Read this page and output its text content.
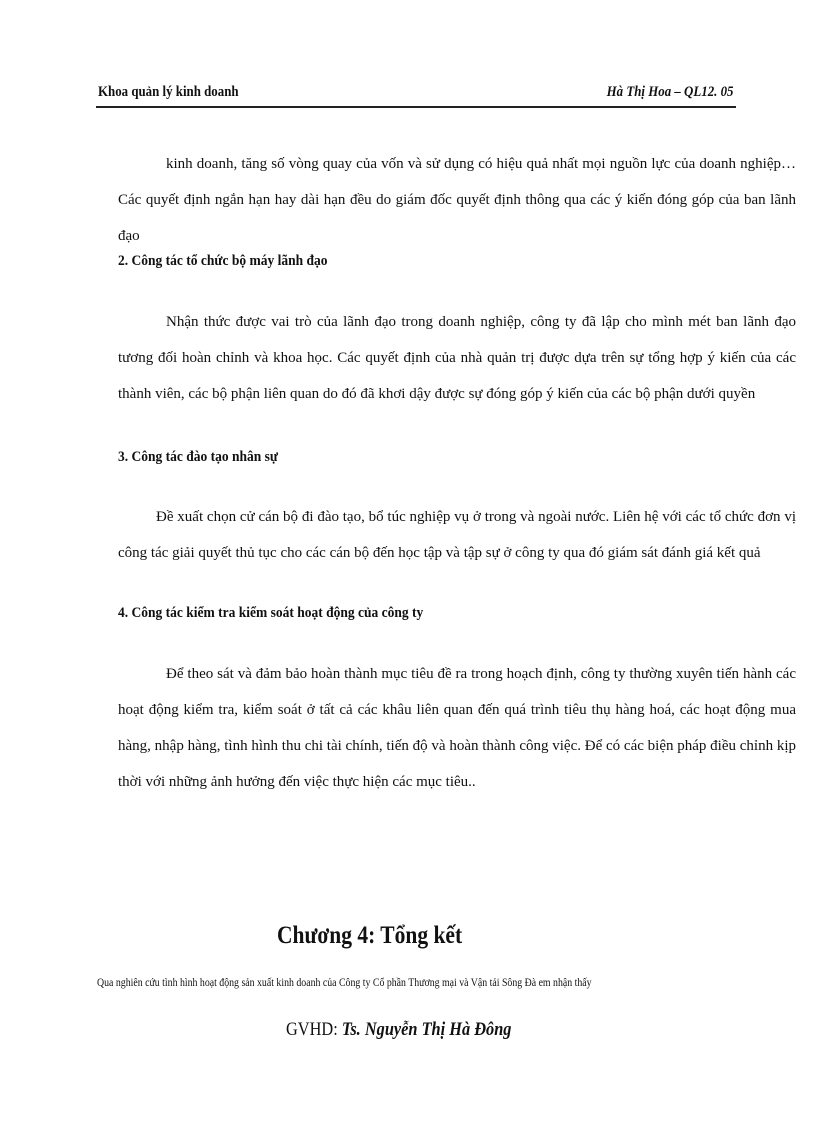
Khoa quản lý kinh doanh	Hà Thị Hoa – QL12. 05

kinh doanh, tăng số vòng quay của vốn và sử dụng có hiệu quả nhất mọi nguồn lực của doanh nghiệp…Các quyết định ngắn hạn hay dài hạn đều do giám đốc quyết định thông qua các ý kiến đóng góp của ban lãnh đạo

2. Công tác tổ chức bộ máy lãnh đạo

Nhận thức được vai trò của lãnh đạo trong doanh nghiệp, công ty đã lập cho mình mét ban lãnh đạo tương đối hoàn chỉnh và khoa học. Các quyết định của nhà quản trị được dựa trên sự tổng hợp ý kiến của các thành viên, các bộ phận liên quan do đó đã khơi dậy được sự đóng góp ý kiến của các bộ phận dưới quyền

3. Công tác đào tạo nhân sự

Đề xuất chọn cử cán bộ đi đào tạo, bổ túc nghiệp vụ ở trong và ngoài nước. Liên hệ với các tổ chức đơn vị công tác giải quyết thủ tục cho các cán bộ đến học tập và tập sự ở công ty qua đó giám sát đánh giá kết quả

4. Công tác kiểm tra kiểm soát hoạt động của công ty

Để theo sát và đảm bảo hoàn thành mục tiêu đề ra trong hoạch định, công ty thường xuyên tiến hành các hoạt động kiểm tra, kiểm soát ở tất cả các khâu liên quan đến quá trình tiêu thụ hàng hoá, các hoạt động mua hàng, nhập hàng, tình hình thu chi tài chính, tiến độ và hoàn thành công việc. Để có các biện pháp điều chỉnh kịp thời với những ảnh hưởng đến việc thực hiện các mục tiêu..

Chương 4: Tổng kết
Qua nghiên cứu tình hình hoạt động sản xuất kinh doanh của Công ty Cổ phần Thương mại và Vận tải Sông Đà em nhận thấy
GVHD: Ts. Nguyễn Thị Hà Đông
